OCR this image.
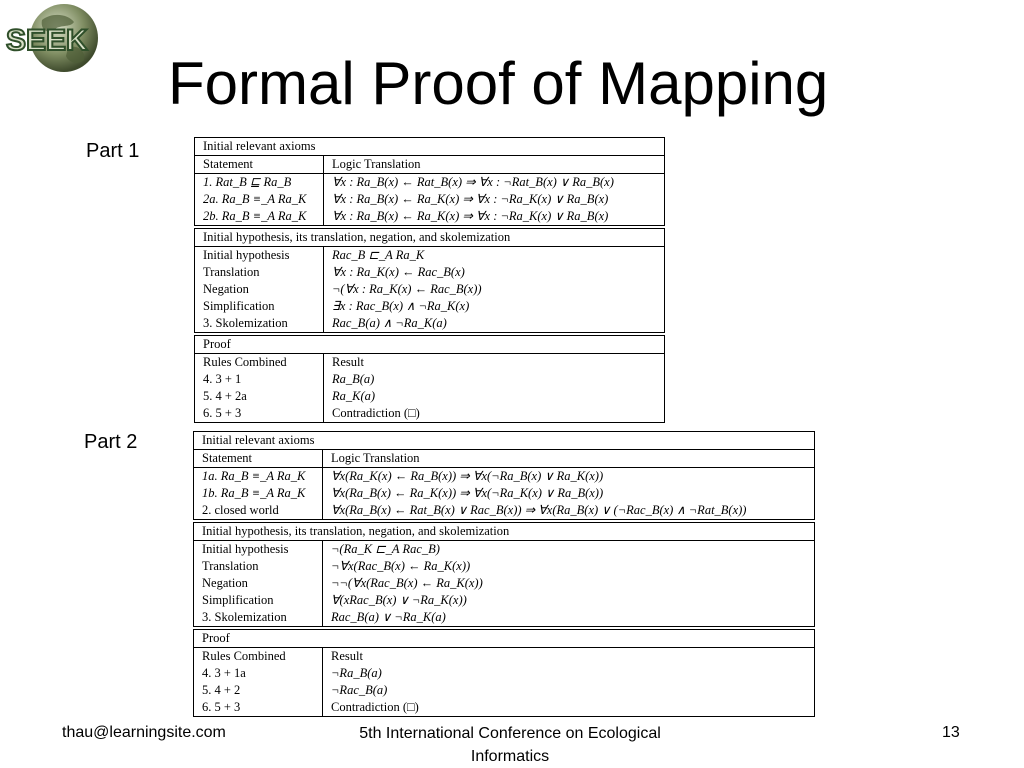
SEEK
Formal Proof of Mapping
Part 1
Part 2
Initial relevant axioms
Statement	Logic Translation
1. Rat_B ⊑ Ra_B	∀x : Ra_B(x) ← Rat_B(x) ⇒ ∀x : ¬Rat_B(x) ∨ Ra_B(x)
2a. Ra_B ≡_A Ra_K	∀x : Ra_B(x) ← Ra_K(x) ⇒ ∀x : ¬Ra_K(x) ∨ Ra_B(x)
2b. Ra_B ≡_A Ra_K	∀x : Ra_B(x) ← Ra_K(x) ⇒ ∀x : ¬Ra_K(x) ∨ Ra_B(x)
Initial hypothesis, its translation, negation, and skolemization
Initial hypothesis	Rac_B ⊏_A Ra_K
Translation	∀x : Ra_K(x) ← Rac_B(x)
Negation	¬(∀x : Ra_K(x) ← Rac_B(x))
Simplification	∃x : Rac_B(x) ∧ ¬Ra_K(x)
3. Skolemization	Rac_B(a) ∧ ¬Ra_K(a)
Proof
Rules Combined	Result
4. 3 + 1	Ra_B(a)
5. 4 + 2a	Ra_K(a)
6. 5 + 3	Contradiction (□)
Initial relevant axioms
Statement	Logic Translation
1a. Ra_B ≡_A Ra_K	∀x(Ra_K(x) ← Ra_B(x)) ⇒ ∀x(¬Ra_B(x) ∨ Ra_K(x))
1b. Ra_B ≡_A Ra_K	∀x(Ra_B(x) ← Ra_K(x)) ⇒ ∀x(¬Ra_K(x) ∨ Ra_B(x))
2. closed world	∀x(Ra_B(x) ← Rat_B(x) ∨ Rac_B(x)) ⇒ ∀x(Ra_B(x) ∨ (¬Rac_B(x) ∧ ¬Rat_B(x))
Initial hypothesis, its translation, negation, and skolemization
Initial hypothesis	¬(Ra_K ⊏_A Rac_B)
Translation	¬∀x(Rac_B(x) ← Ra_K(x))
Negation	¬¬(∀x(Rac_B(x) ← Ra_K(x))
Simplification	∀(xRac_B(x) ∨ ¬Ra_K(x))
3. Skolemization	Rac_B(a) ∨ ¬Ra_K(a)
Proof
Rules Combined	Result
4. 3 + 1a	¬Ra_B(a)
5. 4 + 2	¬Rac_B(a)
6. 5 + 3	Contradiction (□)
thau@learningsite.com	5th International Conference on Ecological
Informatics
13
